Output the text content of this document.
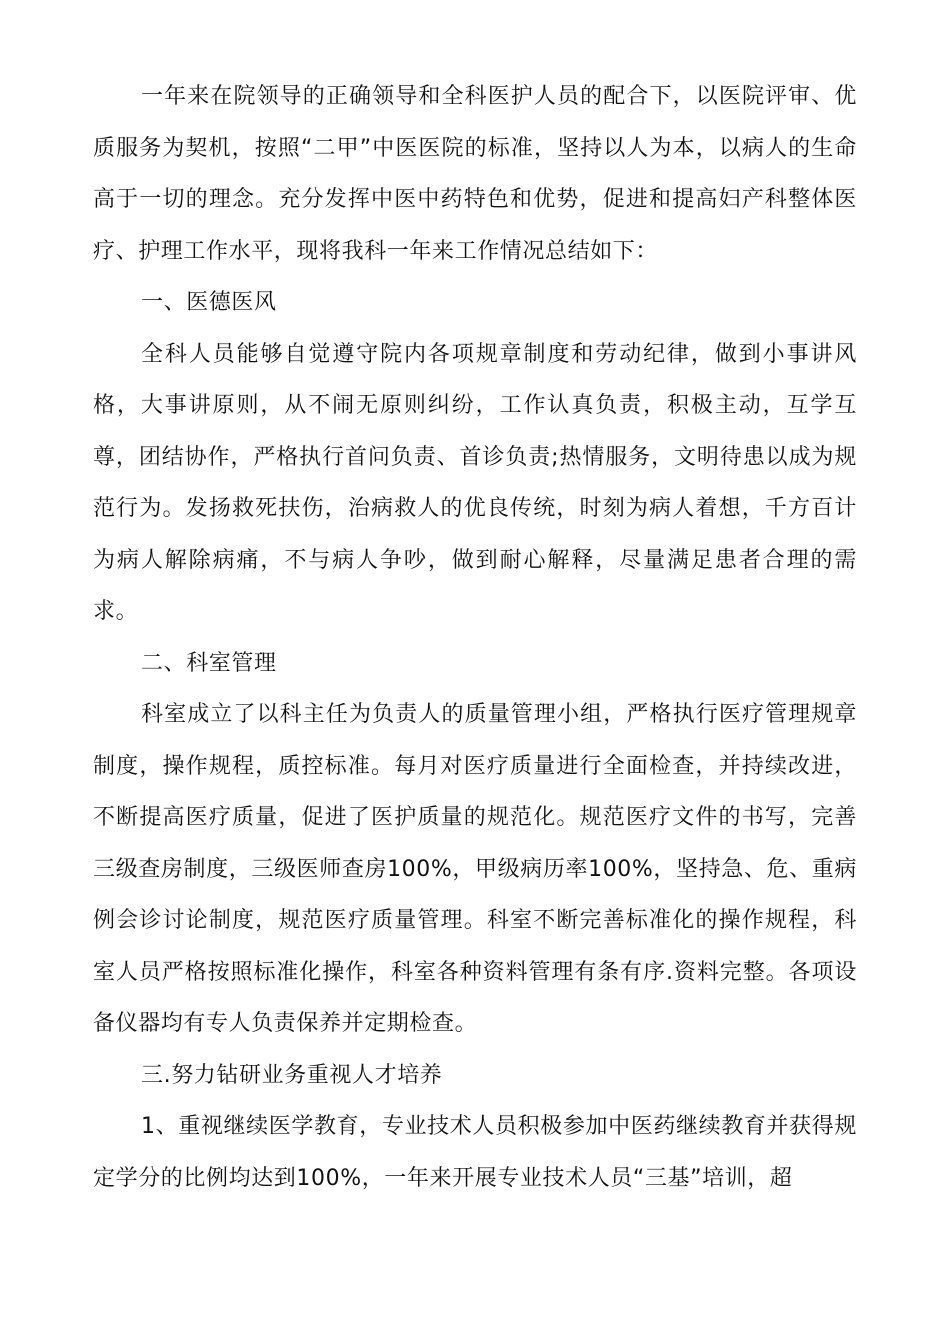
一年来在院领导的正确领导和全科医护人员的配合下，以医院评审、优质服务为契机，按照“二甲”中医医院的标准，坚持以人为本，以病人的生命高于一切的理念。充分发挥中医中药特色和优势，促进和提高妇产科整体医疗、护理工作水平，现将我科一年来工作情况总结如下：

一、医德医风

全科人员能够自觉遵守院内各项规章制度和劳动纪律，做到小事讲风格，大事讲原则，从不闹无原则纠纷，工作认真负责，积极主动，互学互尊，团结协作，严格执行首问负责、首诊负责;热情服务，文明待患以成为规范行为。发扬救死扶伤，治病救人的优良传统，时刻为病人着想，千方百计为病人解除病痛，不与病人争吵，做到耐心解释，尽量满足患者合理的需求。

二、科室管理

科室成立了以科主任为负责人的质量管理小组，严格执行医疗管理规章制度，操作规程，质控标准。每月对医疗质量进行全面检查，并持续改进，不断提高医疗质量，促进了医护质量的规范化。规范医疗文件的书写，完善三级查房制度，三级医师查房100%，甲级病历率100%，坚持急、危、重病例会诊讨论制度，规范医疗质量管理。科室不断完善标准化的操作规程，科室人员严格按照标准化操作，科室各种资料管理有条有序.资料完整。各项设备仪器均有专人负责保养并定期检查。

三.努力钻研业务重视人才培养

1、重视继续医学教育，专业技术人员积极参加中医药继续教育并获得规定学分的比例均达到100%，一年来开展专业技术人员“三基”培训，超
